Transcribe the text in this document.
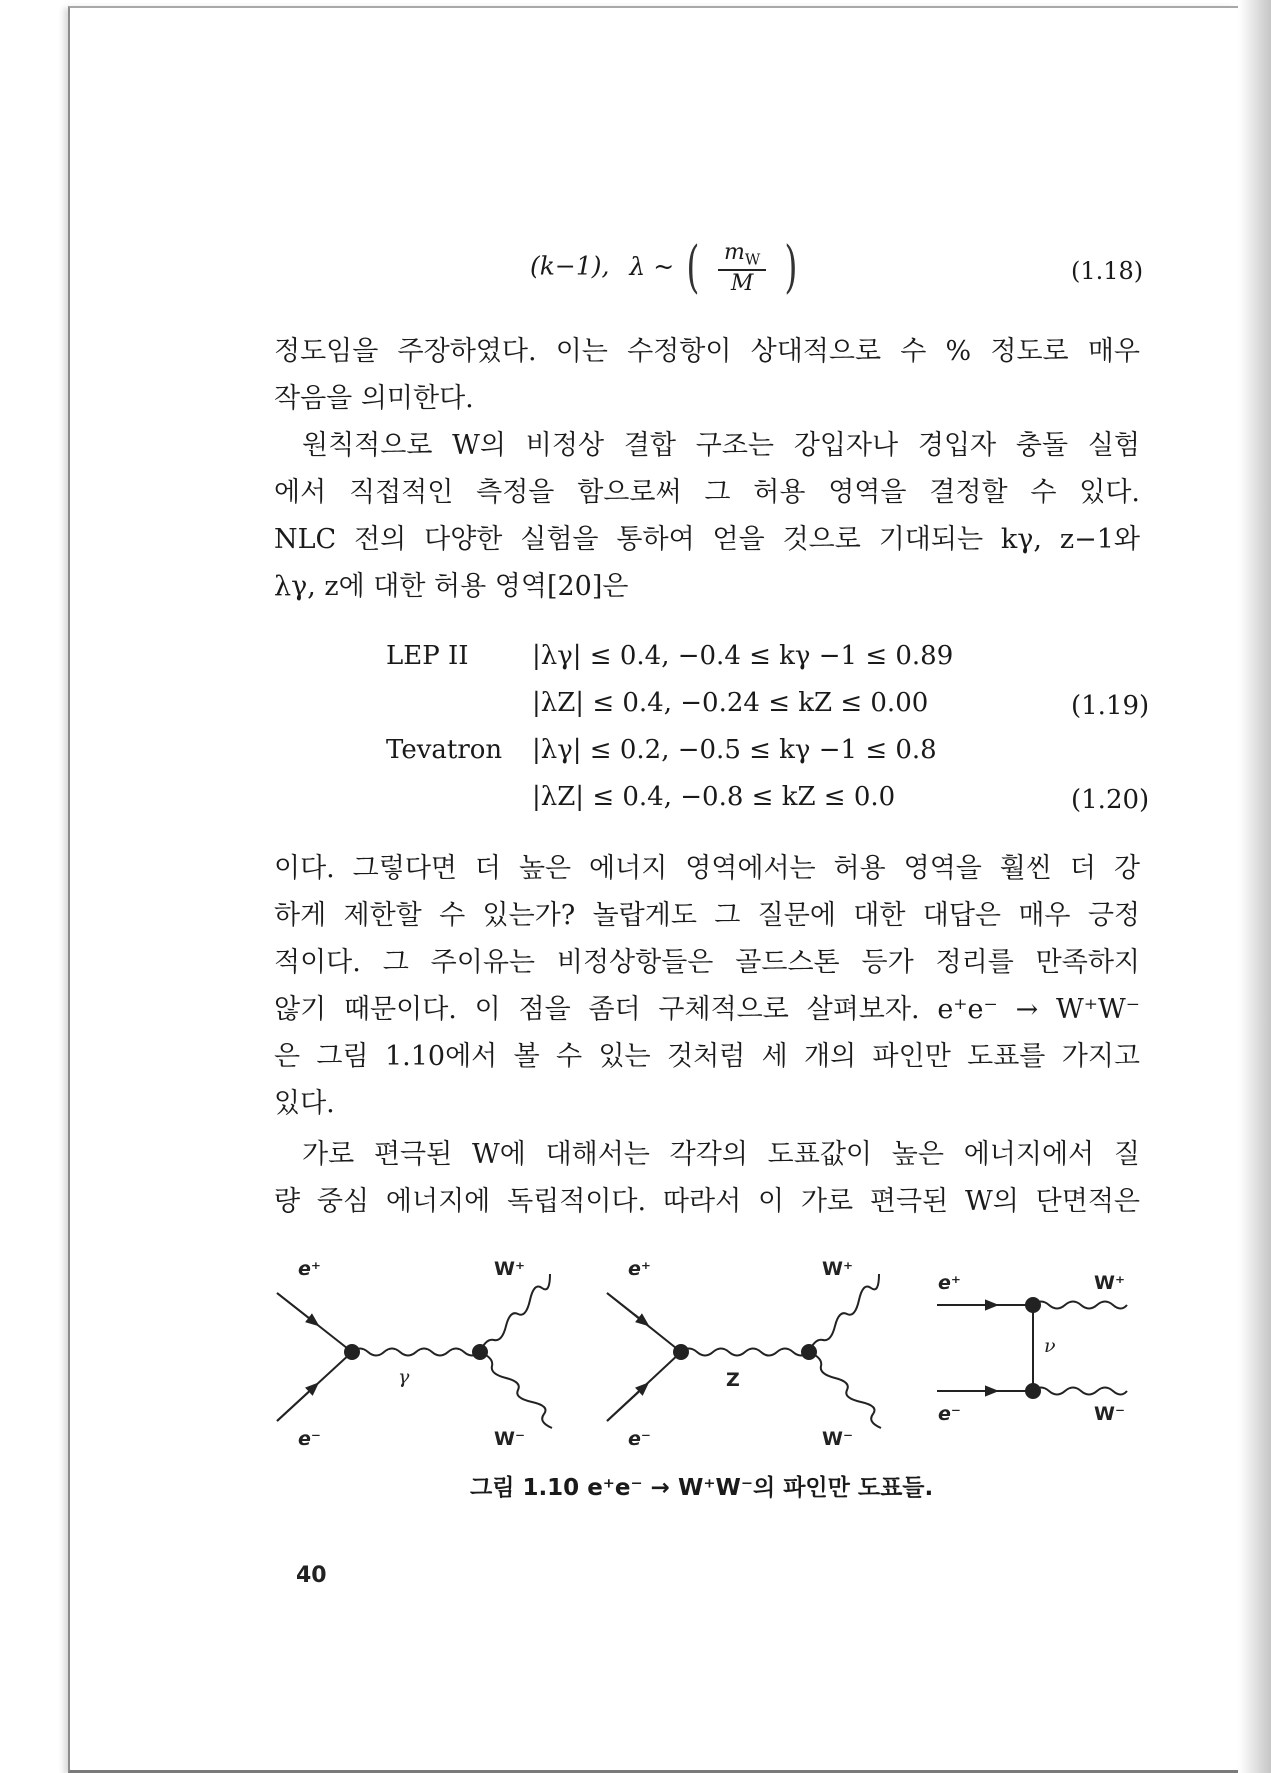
(k−1), λ ~ ( $\frac{m_W}{M}$ )	(1.18)
정도임을 주장하였다. 이는 수정항이 상대적으로 수 % 정도로 매우
작음을 의미한다.
원칙적으로 W의 비정상 결합 구조는 강입자나 경입자 충돌 실험
에서 직접적인 측정을 함으로써 그 허용 영역을 결정할 수 있다.
NLC 전의 다양한 실험을 통하여 얻을 것으로 기대되는 kγ, z−1와
λγ, z에 대한 허용 영역[20]은
LEP II |λγ| ≤ 0.4, −0.4 ≤ kγ −1 ≤ 0.89
|λZ| ≤ 0.4, −0.24 ≤ kZ ≤ 0.00	(1.19)
Tevatron |λγ| ≤ 0.2, −0.5 ≤ kγ −1 ≤ 0.8
|λZ| ≤ 0.4, −0.8 ≤ kZ ≤ 0.0	(1.20)
이다. 그렇다면 더 높은 에너지 영역에서는 허용 영역을 훨씬 더 강
하게 제한할 수 있는가? 놀랍게도 그 질문에 대한 대답은 매우 긍정
적이다. 그 주이유는 비정상항들은 골드스톤 등가 정리를 만족하지
않기 때문이다. 이 점을 좀더 구체적으로 살펴보자. e⁺e⁻ → W⁺W⁻
은 그림 1.10에서 볼 수 있는 것처럼 세 개의 파인만 도표를 가지고
있다.
가로 편극된 W에 대해서는 각각의 도표값이 높은 에너지에서 질
량 중심 에너지에 독립적이다. 따라서 이 가로 편극된 W의 단면적은
e⁺
e⁻
W⁺
W⁻
γ
e⁺
e⁻
W⁺
W⁻
Z
e⁺
e⁻
W⁺
W⁻
ν
그림 1.10 e⁺e⁻ → W⁺W⁻의 파인만 도표들.
40
